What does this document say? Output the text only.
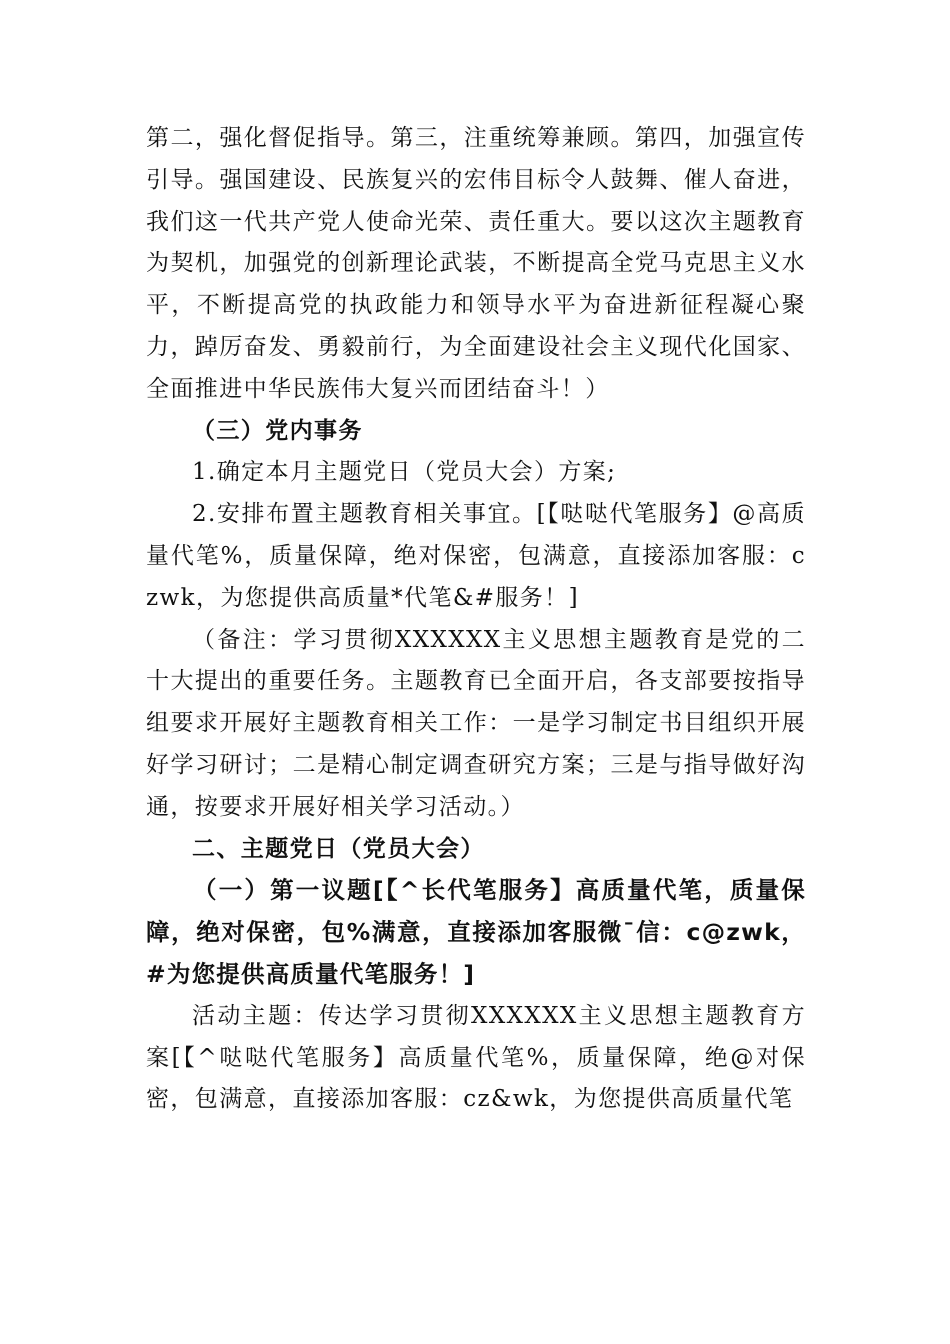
第二，强化督促指导。第三，注重统筹兼顾。第四，加强宣传引导。强国建设、民族复兴的宏伟目标令人鼓舞、催人奋进，我们这一代共产党人使命光荣、责任重大。要以这次主题教育为契机，加强党的创新理论武装，不断提高全党马克思主义水平，不断提高党的执政能力和领导水平为奋进新征程凝心聚力，踔厉奋发、勇毅前行，为全面建设社会主义现代化国家、全面推进中华民族伟大复兴而团结奋斗！）

（三）党内事务

1.确定本月主题党日（党员大会）方案;

2.安排布置主题教育相关事宜。[【哒哒代笔服务】@高质量代笔%，质量保障，绝对保密，包满意，直接添加客服：czwk，为您提供高质量*代笔&#服务！]

（备注：学习贯彻XXXXXX主义思想主题教育是党的二十大提出的重要任务。主题教育已全面开启，各支部要按指导组要求开展好主题教育相关工作：一是学习制定书目组织开展好学习研讨；二是精心制定调查研究方案；三是与指导做好沟通，按要求开展好相关学习活动。）

二、主题党日（党员大会）

（一）第一议题[【^长代笔服务】高质量代笔，质量保障，绝对保密，包%满意，直接添加客服微¯信：c@zwk，#为您提供高质量代笔服务！]

活动主题：传达学习贯彻XXXXXX主义思想主题教育方案[【^哒哒代笔服务】高质量代笔%，质量保障，绝@对保密，包满意，直接添加客服：cz&wk，为您提供高质量代笔
